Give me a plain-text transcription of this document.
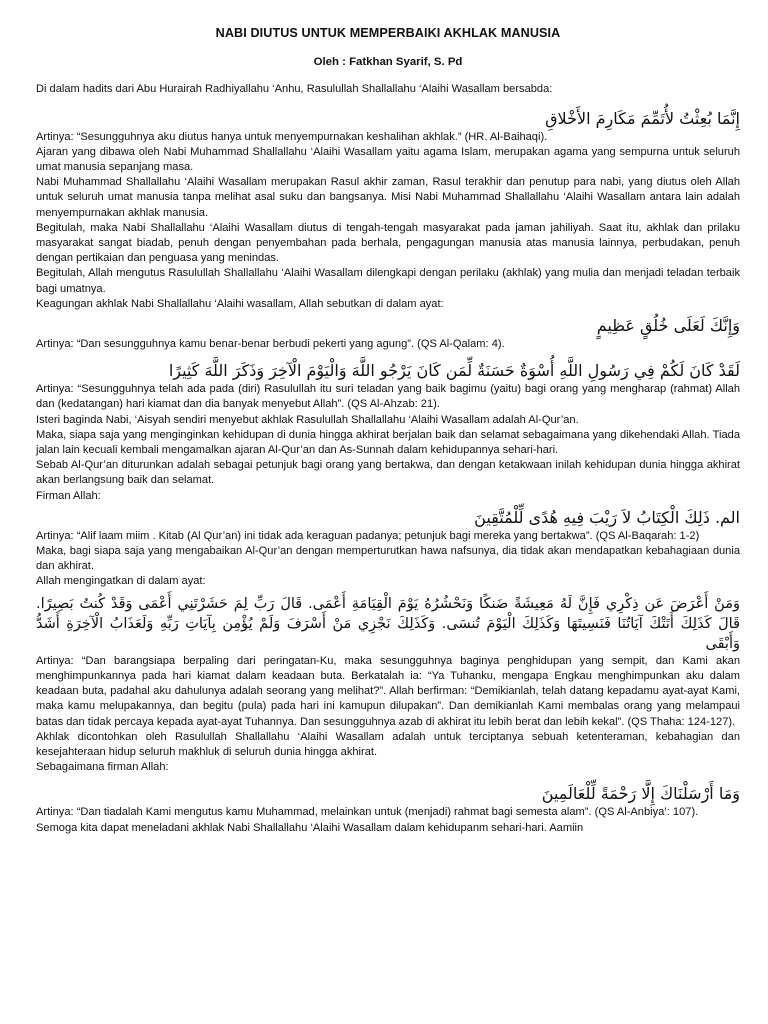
NABI DIUTUS UNTUK MEMPERBAIKI AKHLAK MANUSIA
Oleh : Fatkhan Syarif, S. Pd

Di dalam hadits dari Abu Hurairah Radhiyallahu ‘Anhu, Rasulullah Shallallahu ‘Alaihi Wasallam bersabda:

إِنَّمَا بُعِثْتُ لأُتَمِّمَ مَكَارِمَ الأَخْلاقِ

Artinya: “Sesungguhnya aku diutus hanya untuk menyempurnakan keshalihan akhlak.” (HR. Al-Baihaqi).

Ajaran yang dibawa oleh Nabi Muhammad Shallallahu ‘Alaihi Wasallam yaitu agama Islam, merupakan agama yang sempurna untuk seluruh umat manusia sepanjang masa.

Nabi Muhammad Shallallahu ‘Alaihi Wasallam merupakan Rasul akhir zaman, Rasul terakhir dan penutup para nabi, yang diutus oleh Allah untuk seluruh umat manusia tanpa melihat asal suku dan bangsanya. Misi Nabi Muhammad Shallallahu ‘Alaihi Wasallam antara lain adalah menyempurnakan akhlak manusia.

Begitulah, maka Nabi Shallallahu ‘Alaihi Wasallam diutus di tengah-tengah masyarakat pada jaman jahiliyah. Saat itu, akhlak dan prilaku masyarakat sangat biadab, penuh dengan penyembahan pada berhala, pengagungan manusia atas manusia lainnya, perbudakan, penuh dengan pertikaian dan penguasa yang menindas.

Begitulah, Allah mengutus Rasulullah Shallallahu ‘Alaihi Wasallam dilengkapi dengan perilaku (akhlak) yang mulia dan menjadi teladan terbaik bagi umatnya.

Keagungan akhlak Nabi Shallallahu ‘Alaihi wasallam, Allah sebutkan di dalam ayat:

وَإِنَّكَ لَعَلَى خُلُقٍ عَظِيمٍ

Artinya: “Dan sesungguhnya kamu benar-benar berbudi pekerti yang agung”. (QS Al-Qalam: 4).

لَقَدْ كَانَ لَكُمْ فِي رَسُولِ اللَّهِ أُسْوَةٌ حَسَنَةٌ لِّمَن كَانَ يَرْجُو اللَّهَ وَالْيَوْمَ الْآخِرَ وَذَكَرَ اللَّهَ كَثِيرًا

Artinya: “Sesungguhnya telah ada pada (diri) Rasulullah itu suri teladan yang baik bagimu (yaitu) bagi orang yang mengharap (rahmat) Allah dan (kedatangan) hari kiamat dan dia banyak menyebut Allah”. (QS Al-Ahzab: 21).

Isteri baginda Nabi, ‘Aisyah sendiri menyebut akhlak Rasulullah Shallallahu ‘Alaihi Wasallam adalah Al-Qur’an.

Maka, siapa saja yang menginginkan kehidupan di dunia hingga akhirat berjalan baik dan selamat sebagaimana yang dikehendaki Allah. Tiada jalan lain kecuali kembali mengamalkan ajaran Al-Qur’an dan As-Sunnah dalam kehidupannya sehari-hari.

Sebab Al-Qur’an diturunkan adalah sebagai petunjuk bagi orang yang bertakwa, dan dengan ketakwaan inilah kehidupan dunia hingga akhirat akan berlangsung baik dan selamat.

Firman Allah:

الم. ذَلِكَ الْكِتَابُ لاَ رَيْبَ فِيهِ هُدًى لِّلْمُتَّقِينَ

Artinya: “Alif laam miim . Kitab (Al Qur’an) ini tidak ada keraguan padanya; petunjuk bagi mereka yang bertakwa”. (QS Al-Baqarah: 1-2)

Maka, bagi siapa saja yang mengabaikan Al-Qur’an dengan memperturutkan hawa nafsunya, dia tidak akan mendapatkan kebahagiaan dunia dan akhirat.

Allah mengingatkan di dalam ayat:

وَمَنْ أَعْرَضَ عَن ذِكْرِي فَإِنَّ لَهُ مَعِيشَةً ضَنكًا وَنَحْشُرُهُ يَوْمَ الْقِيَامَةِ أَعْمَى. قَالَ رَبِّ لِمَ حَشَرْتَنِي أَعْمَى وَقَدْ كُنتُ بَصِيرًا. قَالَ كَذَلِكَ أَتَتْكَ آيَاتُنَا فَنَسِيتَهَا وَكَذَلِكَ الْيَوْمَ تُنسَى. وَكَذَلِكَ نَجْزِي مَنْ أَسْرَفَ وَلَمْ يُؤْمِن بِآيَاتِ رَبِّهِ وَلَعَذَابُ الْآخِرَةِ أَشَدُّ وَأَبْقَى

Artinya: “Dan barangsiapa berpaling dari peringatan-Ku, maka sesungguhnya baginya penghidupan yang sempit, dan Kami akan menghimpunkannya pada hari kiamat dalam keadaan buta. Berkatalah ia: “Ya Tuhanku, mengapa Engkau menghimpunkan aku dalam keadaan buta, padahal aku dahulunya adalah seorang yang melihat?”. Allah berfirman: “Demikianlah, telah datang kepadamu ayat-ayat Kami, maka kamu melupakannya, dan begitu (pula) pada hari ini kamupun dilupakan”. Dan demikianlah Kami membalas orang yang melampaui batas dan tidak percaya kepada ayat-ayat Tuhannya. Dan sesungguhnya azab di akhirat itu lebih berat dan lebih kekal”. (QS Thaha: 124-127).

Akhlak dicontohkan oleh Rasulullah Shallallahu ‘Alaihi Wasallam adalah untuk terciptanya sebuah ketenteraman, kebahagian dan kesejahteraan hidup seluruh makhluk di seluruh dunia hingga akhirat.

Sebagaimana firman Allah:

وَمَا أَرْسَلْنَاكَ إِلَّا رَحْمَةً لِّلْعَالَمِينَ

Artinya: “Dan tiadalah Kami mengutus kamu Muhammad, melainkan untuk (menjadi) rahmat bagi semesta alam”. (QS Al-Anbiya’: 107).

Semoga kita dapat meneladani akhlak Nabi Shallallahu ‘Alaihi Wasallam dalam kehidupanm sehari-hari. Aamiin
